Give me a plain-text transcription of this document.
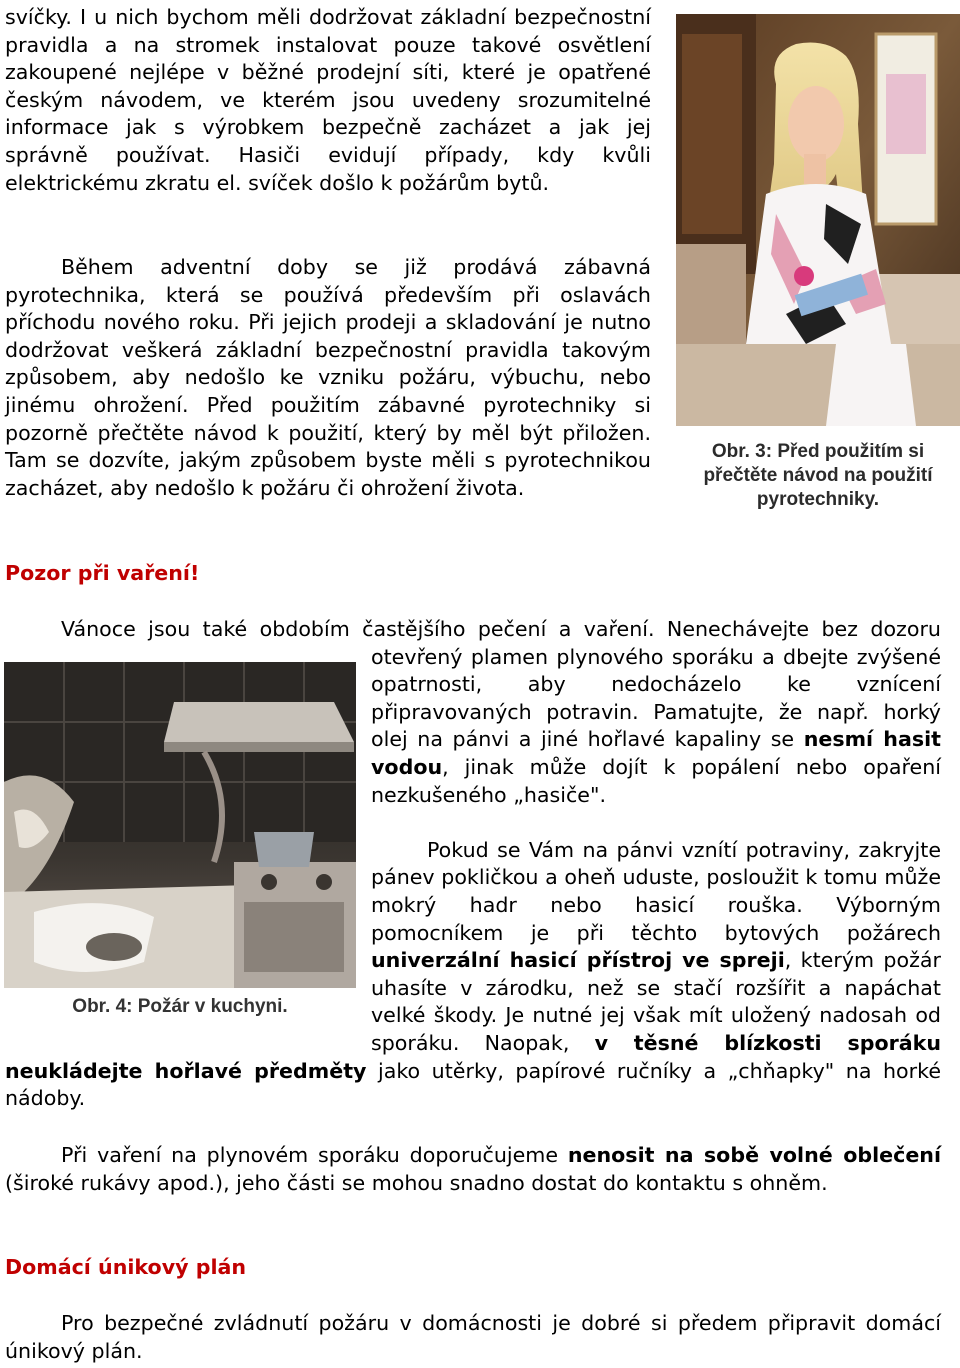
svíčky. I u nich bychom měli dodržovat základní bezpečnostní pravidla a na stromek instalovat pouze takové osvětlení zakoupené nejlépe v běžné prodejní síti, které je opatřené českým návodem, ve kterém jsou uvedeny srozumitelné informace jak s výrobkem bezpečně zacházet a jak jej správně používat. Hasiči evidují případy, kdy kvůli elektrickému zkratu el. svíček došlo k požárům bytů.

Během adventní doby se již prodává zábavná pyrotechnika, která se používá především při oslavách příchodu nového roku. Při jejich prodeji a skladování je nutno dodržovat veškerá základní bezpečnostní pravidla takovým způsobem, aby nedošlo ke vzniku požáru, výbuchu, nebo jinému ohrožení. Před použitím zábavné pyrotechniky si pozorně přečtěte návod k použití, který by měl být přiložen. Tam se dozvíte, jakým způsobem byste měli s pyrotechnikou zacházet, aby nedošlo k požáru či ohrožení života.

Obr. 3: Před použitím si
přečtěte návod na použití
pyrotechniky.
Pozor při vaření!

Vánoce jsou také obdobím častějšího pečení a vaření. Nenechávejte bez dozoru otevřený plamen plynového sporáku a dbejte zvýšené opatrnosti, aby nedocházelo ke vznícení připravovaných potravin. Pamatujte, že např. horký olej na pánvi a jiné hořlavé kapaliny se nesmí hasit vodou, jinak může dojít k popálení nebo opaření nezkušeného „hasiče".

Pokud se Vám na pánvi vznítí potraviny, zakryjte pánev pokličkou a oheň uduste, posloužit k tomu může mokrý hadr nebo hasicí rouška. Výborným pomocníkem je při těchto bytových požárech univerzální hasicí přístroj ve spreji, kterým požár uhasíte v zárodku, než se stačí rozšířit a napáchat velké škody. Je nutné jej však mít uložený nadosah od sporáku. Naopak, v těsné blízkosti sporáku neukládejte hořlavé předměty jako utěrky, papírové ručníky a „chňapky" na horké nádoby.

Obr. 4: Požár v kuchyni.

Při vaření na plynovém sporáku doporučujeme nenosit na sobě volné oblečení (široké rukávy apod.), jeho části se mohou snadno dostat do kontaktu s ohněm.

Domácí únikový plán

Pro bezpečné zvládnutí požáru v domácnosti je dobré si předem připravit domácí únikový plán.
